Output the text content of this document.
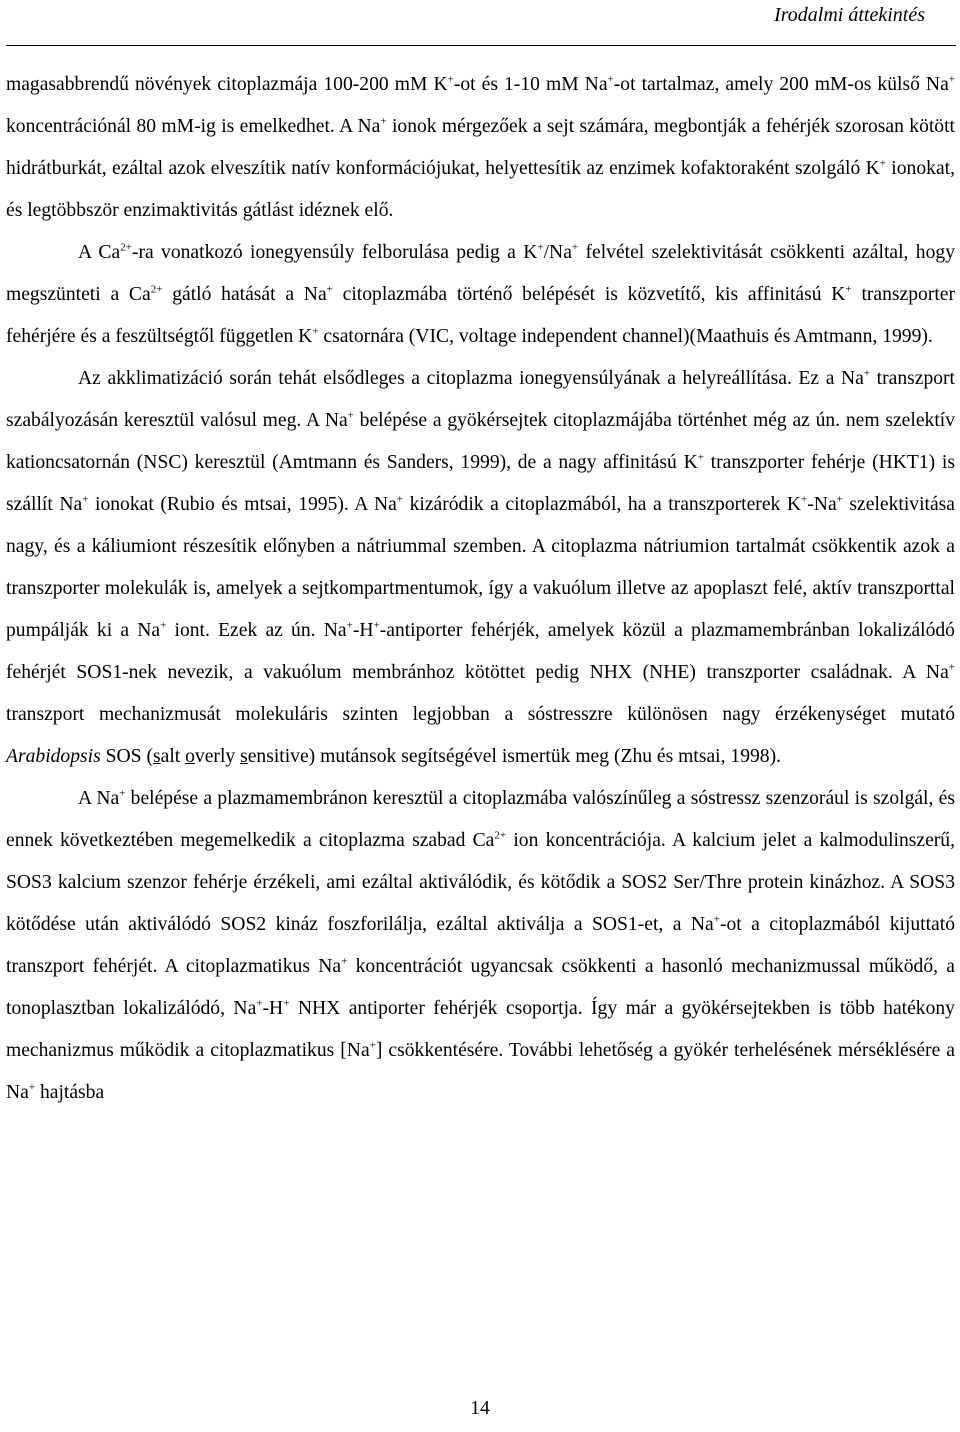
Irodalmi áttekintés

magasabbrendű növények citoplazmája 100-200 mM K+-ot és 1-10 mM Na+-ot tartalmaz, amely 200 mM-os külső Na+ koncentrációnál 80 mM-ig is emelkedhet. A Na+ ionok mérgezőek a sejt számára, megbontják a fehérjék szorosan kötött hidrátburkát, ezáltal azok elveszítik natív konformációjukat, helyettesítik az enzimek kofaktoraként szolgáló K+ ionokat, és legtöbbször enzimaktivitás gátlást idéznek elő.

A $Ca^{2+}-ra$ vonatkozó ionegyensúly felborulása pedig a K+/Na+ felvétel szelektivitását csökkenti azáltal, hogy megszünteti a $Ca^{2+}$ gátló hatását a Na+ citoplazmába történő belépését is közvetítő, kis affinitású K+ transzporter fehérjére és a feszültségtől független K+ csatornára (VIC, voltage independent channel)(Maathuis és Amtmann, 1999).

Az akklimatizáció során tehát elsődleges a citoplazma ionegyensúlyának a helyreállítása. Ez a Na+ transzport szabályozásán keresztül valósul meg. A Na+ belépése a gyökérsejtek citoplazmájába történhet még az ún. nem szelektív kationcsatornán (NSC) keresztül (Amtmann és Sanders, 1999), de a nagy affinitású K+ transzporter fehérje (HKT1) is szállít Na+ ionokat (Rubio és mtsai, 1995). A Na+ kizáródik a citoplazmából, ha a transzporterek K+-Na+ szelektivitása nagy, és a káliumiont részesítik előnyben a nátriummal szemben. A citoplazma nátriumion tartalmát csökkentik azok a transzporter molekulák is, amelyek a sejtkompartmentumok, így a vakuólum illetve az apoplaszt felé, aktív transzporttal pumpálják ki a Na+ iont. Ezek az ún. Na+-H+-antiporter fehérjék, amelyek közül a plazmamembránban lokalizálódó fehérjét SOS1-nek nevezik, a vakuólum membránhoz kötöttet pedig NHX (NHE) transzporter családnak. A Na+ transzport mechanizmusát molekuláris szinten legjobban a sóstresszre különösen nagy érzékenységet mutató Arabidopsis SOS (salt overly sensitive) mutánsok segítségével ismertük meg (Zhu és mtsai, 1998).

A Na+ belépése a plazmamembránon keresztül a citoplazmába valószínűleg a sóstressz szenzorául is szolgál, és ennek következtében megemelkedik a citoplazma szabad $Ca^{2+}$ ion koncentrációja. A kalcium jelet a kalmodulinszerű, SOS3 kalcium szenzor fehérje érzékeli, ami ezáltal aktiválódik, és kötődik a SOS2 Ser/Thre protein kinázhoz. A SOS3 kötődése után aktiválódó SOS2 kináz foszforilálja, ezáltal aktiválja a SOS1-et, a Na+-ot a citoplazmából kijuttató transzport fehérjét. A citoplazmatikus Na+ koncentrációt ugyancsak csökkenti a hasonló mechanizmussal működő, a tonoplasztban lokalizálódó, Na+-H+ NHX antiporter fehérjék csoportja. Így már a gyökérsejtekben is több hatékony mechanizmus működik a citoplazmatikus [Na+] csökkentésére. További lehetőség a gyökér terhelésének mérséklésére a Na+ hajtásba

14
